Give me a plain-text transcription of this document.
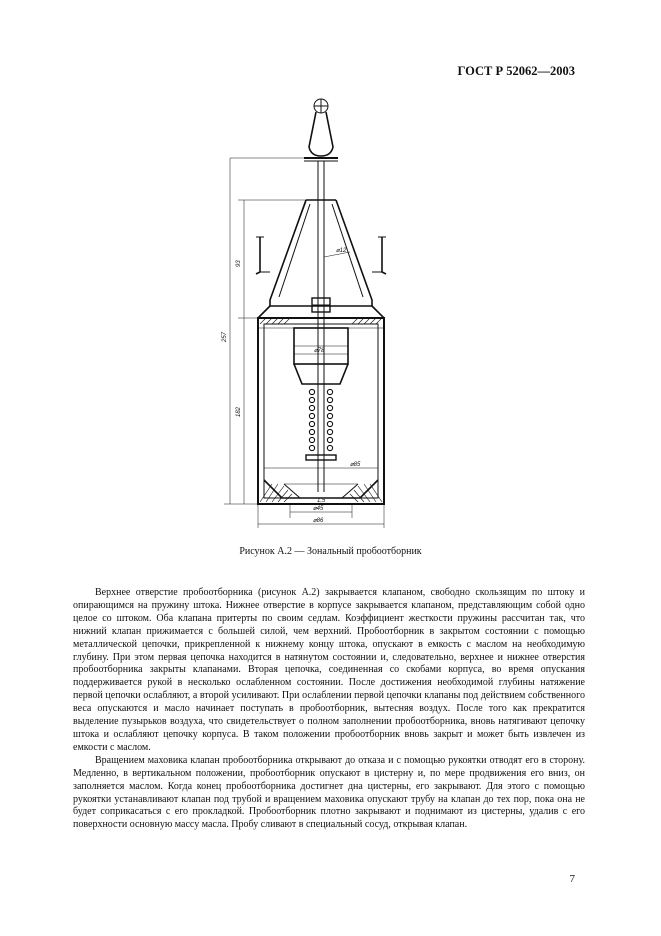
ГОСТ Р 52062—2003
257
93
182
⌀12
⌀78
⌀85
⌀45
⌀86
1,5
Рисунок А.2 — Зональный пробоотборник

Верхнее отверстие пробоотборника (рисунок А.2) закрывается клапаном, свободно скользящим по штоку и опирающимся на пружину штока. Нижнее отверстие в корпусе закрывается клапаном, представляющим собой одно целое со штоком. Оба клапана притерты по своим седлам. Коэффициент жесткости пружины рассчитан так, что нижний клапан прижимается с большей силой, чем верхний. Пробоотборник в закрытом состоянии с помощью металлической цепочки, прикрепленной к нижнему концу штока, опускают в емкость с маслом на необходимую глубину. При этом первая цепочка находится в натянутом состоянии и, следовательно, верхнее и нижнее отверстия пробоотборника закрыты клапанами. Вторая цепочка, соединенная со скобами корпуса, во время опускания поддерживается рукой в несколько ослабленном состоянии. После достижения необходимой глубины натяжение первой цепочки ослабляют, а второй усиливают. При ослаблении первой цепочки клапаны под действием собственного веса опускаются и масло начинает поступать в пробоотборник, вытесняя воздух. После того как прекратится выделение пузырьков воздуха, что свидетельствует о полном заполнении пробоотборника, вновь натягивают цепочку штока и ослабляют цепочку корпуса. В таком положении пробоотборник вновь закрыт и может быть извлечен из емкости с маслом.

Вращением маховика клапан пробоотборника открывают до отказа и с помощью рукоятки отводят его в сторону. Медленно, в вертикальном положении, пробоотборник опускают в цистерну и, по мере продвижения его вниз, он заполняется маслом. Когда конец пробоотборника достигнет дна цистерны, его закрывают. Для этого с помощью рукоятки устанавливают клапан под трубой и вращением маховика опускают трубу на клапан до тех пор, пока она не будет соприкасаться с его прокладкой. Пробоотборник плотно закрывают и поднимают из цистерны, удалив с его поверхности основную массу масла. Пробу сливают в специальный сосуд, открывая клапан.

7
